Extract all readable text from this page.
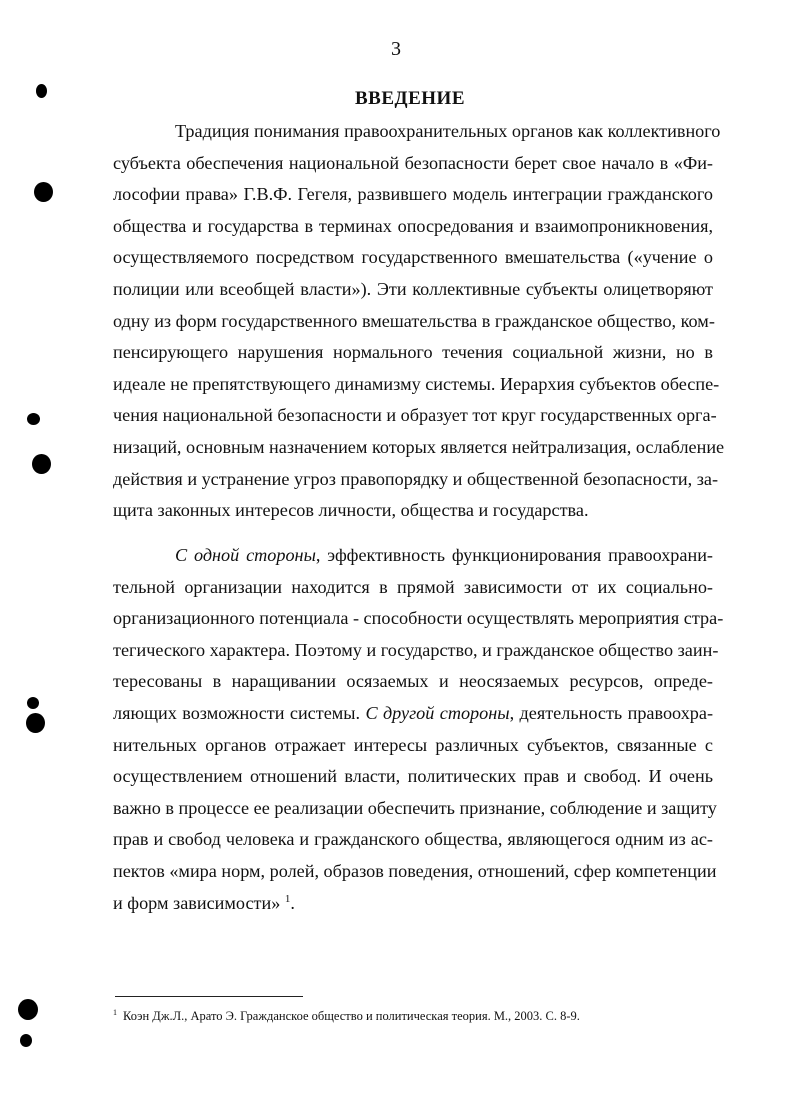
3
ВВЕДЕНИЕ
Традиция понимания правоохранительных органов как коллективного
субъекта обеспечения национальной безопасности берет свое начало в «Фи-
лософии права» Г.В.Ф. Гегеля, развившего модель интеграции гражданского
общества и государства в терминах опосредования и взаимопроникновения,
осуществляемого посредством государственного вмешательства («учение о
полиции или всеобщей власти»). Эти коллективные субъекты олицетворяют
одну из форм государственного вмешательства в гражданское общество, ком-
пенсирующего нарушения нормального течения социальной жизни, но в
идеале не препятствующего динамизму системы. Иерархия субъектов обеспе-
чения национальной безопасности и образует тот круг государственных орга-
низаций, основным назначением которых является нейтрализация, ослабление
действия и устранение угроз правопорядку и общественной безопасности, за-
щита законных интересов личности, общества и государства.
С одной стороны, эффективность функционирования правоохрани-
тельной организации находится в прямой зависимости от их социально-
организационного потенциала - способности осуществлять мероприятия стра-
тегического характера. Поэтому и государство, и гражданское общество заин-
тересованы в наращивании осязаемых и неосязаемых ресурсов, опреде-
ляющих возможности системы. С другой стороны, деятельность правоохра-
нительных органов отражает интересы различных субъектов, связанные с
осуществлением отношений власти, политических прав и свобод. И очень
важно в процессе ее реализации обеспечить признание, соблюдение и защиту
прав и свобод человека и гражданского общества, являющегося одним из ас-
пектов «мира норм, ролей, образов поведения, отношений, сфер компетенции
и форм зависимости» $^1$.
$^1$ Коэн Дж.Л., Арато Э. Гражданское общество и политическая теория. М., 2003. С. 8-9.
